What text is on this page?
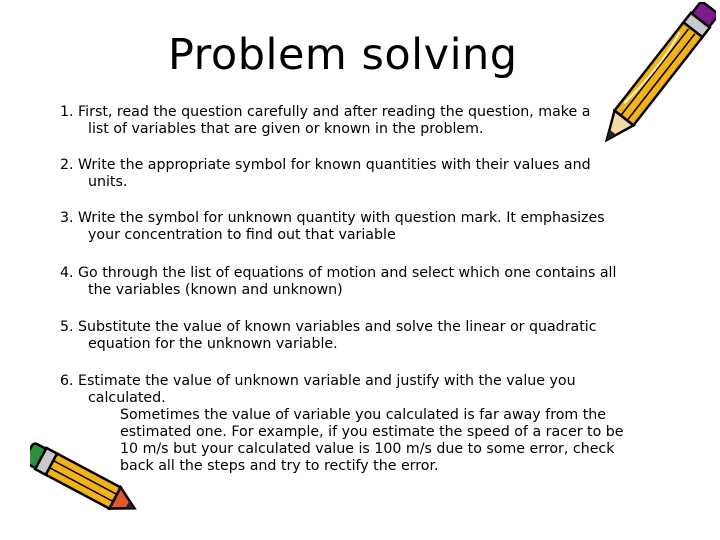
Problem solving
1. First, read the question carefully and after reading the question, make a
list of variables that are given or known in the problem.
2. Write the appropriate symbol for known quantities with their values and
units.
3. Write the symbol for unknown quantity with question mark. It emphasizes
your concentration to find out that variable
4. Go through the list of equations of motion and select which one contains all
the variables (known and unknown)
5. Substitute the value of known variables and solve the linear or quadratic
equation for the unknown variable.
6. Estimate the value of unknown variable and justify with the value you
calculated.
Sometimes the value of variable you calculated is far away from the
estimated one. For example, if you estimate the speed of a racer to be
10 m/s but your calculated value is 100 m/s due to some error, check
back all the steps and try to rectify the error.
